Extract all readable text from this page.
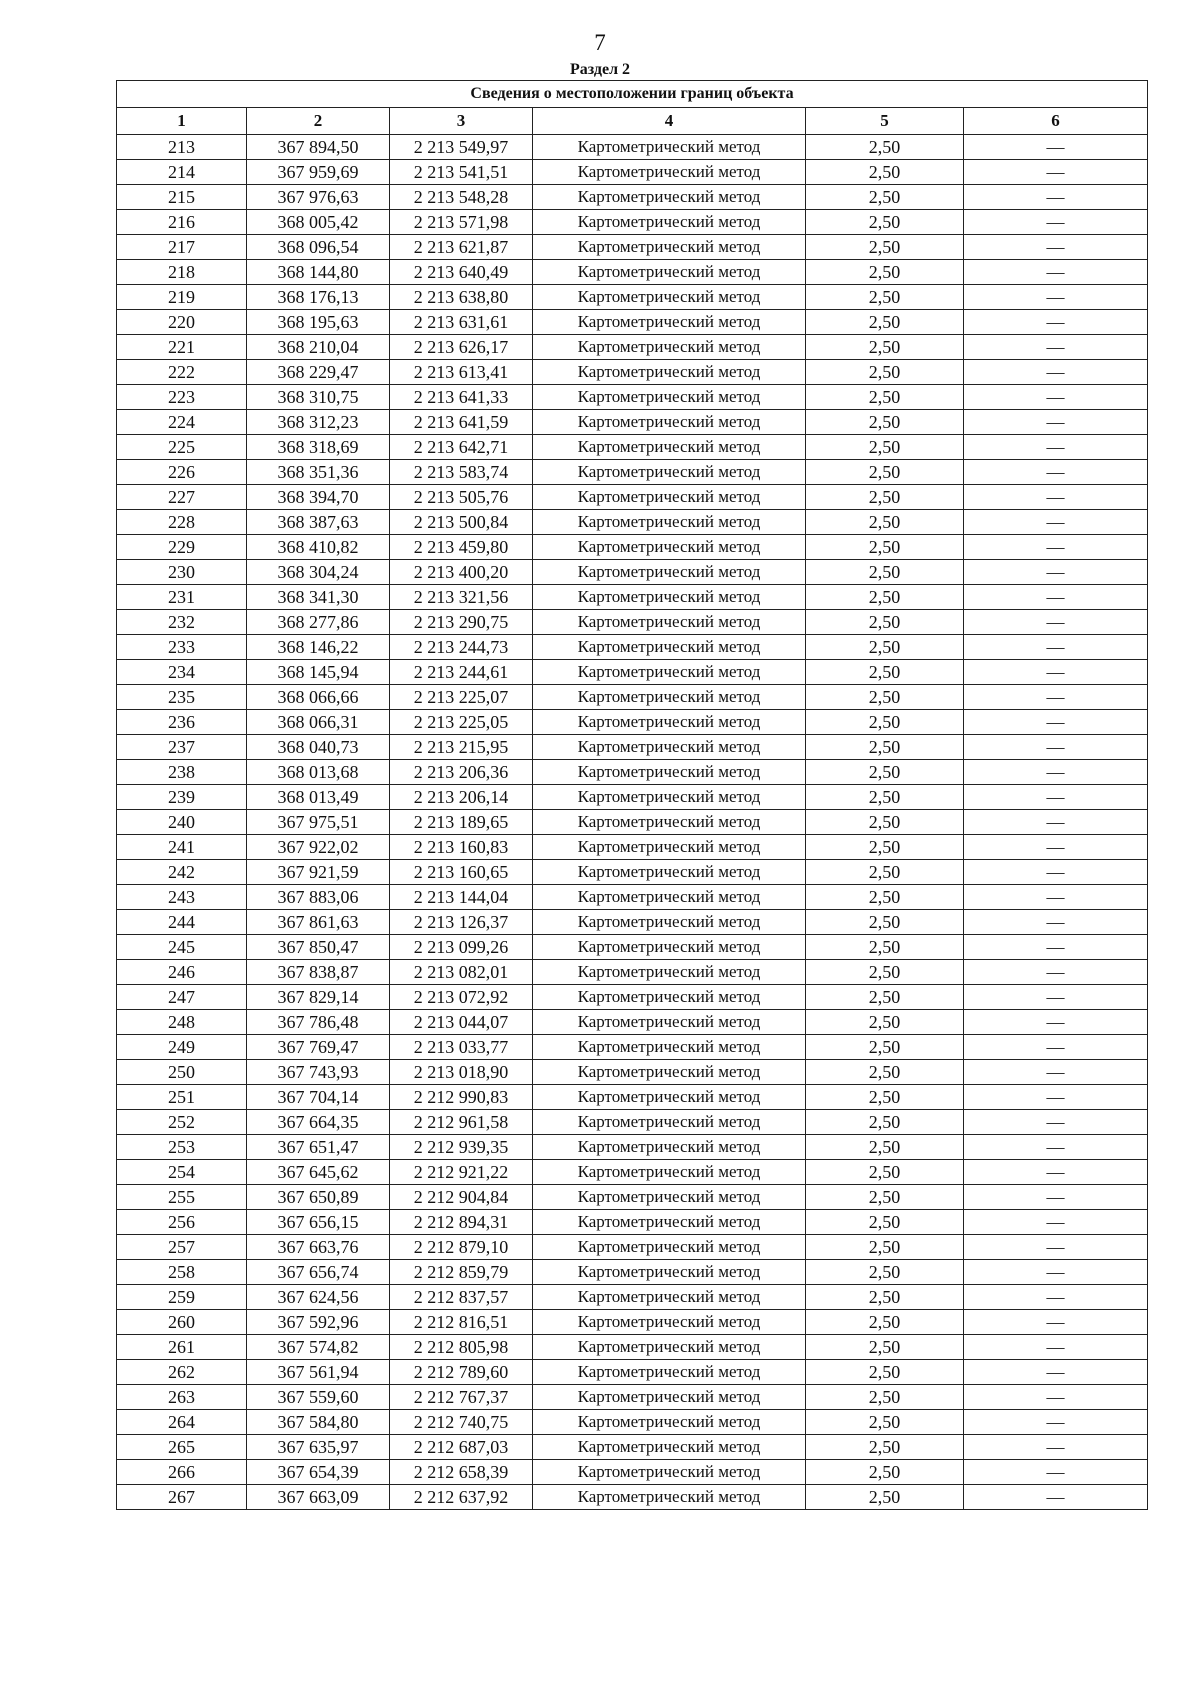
7
Раздел 2
Сведения о местоположении границ объекта					
1	2	3	4	5	6
213	367 894,50	2 213 549,97	Картометрический метод	2,50	—
214	367 959,69	2 213 541,51	Картометрический метод	2,50	—
215	367 976,63	2 213 548,28	Картометрический метод	2,50	—
216	368 005,42	2 213 571,98	Картометрический метод	2,50	—
217	368 096,54	2 213 621,87	Картометрический метод	2,50	—
218	368 144,80	2 213 640,49	Картометрический метод	2,50	—
219	368 176,13	2 213 638,80	Картометрический метод	2,50	—
220	368 195,63	2 213 631,61	Картометрический метод	2,50	—
221	368 210,04	2 213 626,17	Картометрический метод	2,50	—
222	368 229,47	2 213 613,41	Картометрический метод	2,50	—
223	368 310,75	2 213 641,33	Картометрический метод	2,50	—
224	368 312,23	2 213 641,59	Картометрический метод	2,50	—
225	368 318,69	2 213 642,71	Картометрический метод	2,50	—
226	368 351,36	2 213 583,74	Картометрический метод	2,50	—
227	368 394,70	2 213 505,76	Картометрический метод	2,50	—
228	368 387,63	2 213 500,84	Картометрический метод	2,50	—
229	368 410,82	2 213 459,80	Картометрический метод	2,50	—
230	368 304,24	2 213 400,20	Картометрический метод	2,50	—
231	368 341,30	2 213 321,56	Картометрический метод	2,50	—
232	368 277,86	2 213 290,75	Картометрический метод	2,50	—
233	368 146,22	2 213 244,73	Картометрический метод	2,50	—
234	368 145,94	2 213 244,61	Картометрический метод	2,50	—
235	368 066,66	2 213 225,07	Картометрический метод	2,50	—
236	368 066,31	2 213 225,05	Картометрический метод	2,50	—
237	368 040,73	2 213 215,95	Картометрический метод	2,50	—
238	368 013,68	2 213 206,36	Картометрический метод	2,50	—
239	368 013,49	2 213 206,14	Картометрический метод	2,50	—
240	367 975,51	2 213 189,65	Картометрический метод	2,50	—
241	367 922,02	2 213 160,83	Картометрический метод	2,50	—
242	367 921,59	2 213 160,65	Картометрический метод	2,50	—
243	367 883,06	2 213 144,04	Картометрический метод	2,50	—
244	367 861,63	2 213 126,37	Картометрический метод	2,50	—
245	367 850,47	2 213 099,26	Картометрический метод	2,50	—
246	367 838,87	2 213 082,01	Картометрический метод	2,50	—
247	367 829,14	2 213 072,92	Картометрический метод	2,50	—
248	367 786,48	2 213 044,07	Картометрический метод	2,50	—
249	367 769,47	2 213 033,77	Картометрический метод	2,50	—
250	367 743,93	2 213 018,90	Картометрический метод	2,50	—
251	367 704,14	2 212 990,83	Картометрический метод	2,50	—
252	367 664,35	2 212 961,58	Картометрический метод	2,50	—
253	367 651,47	2 212 939,35	Картометрический метод	2,50	—
254	367 645,62	2 212 921,22	Картометрический метод	2,50	—
255	367 650,89	2 212 904,84	Картометрический метод	2,50	—
256	367 656,15	2 212 894,31	Картометрический метод	2,50	—
257	367 663,76	2 212 879,10	Картометрический метод	2,50	—
258	367 656,74	2 212 859,79	Картометрический метод	2,50	—
259	367 624,56	2 212 837,57	Картометрический метод	2,50	—
260	367 592,96	2 212 816,51	Картометрический метод	2,50	—
261	367 574,82	2 212 805,98	Картометрический метод	2,50	—
262	367 561,94	2 212 789,60	Картометрический метод	2,50	—
263	367 559,60	2 212 767,37	Картометрический метод	2,50	—
264	367 584,80	2 212 740,75	Картометрический метод	2,50	—
265	367 635,97	2 212 687,03	Картометрический метод	2,50	—
266	367 654,39	2 212 658,39	Картометрический метод	2,50	—
267	367 663,09	2 212 637,92	Картометрический метод	2,50	—
